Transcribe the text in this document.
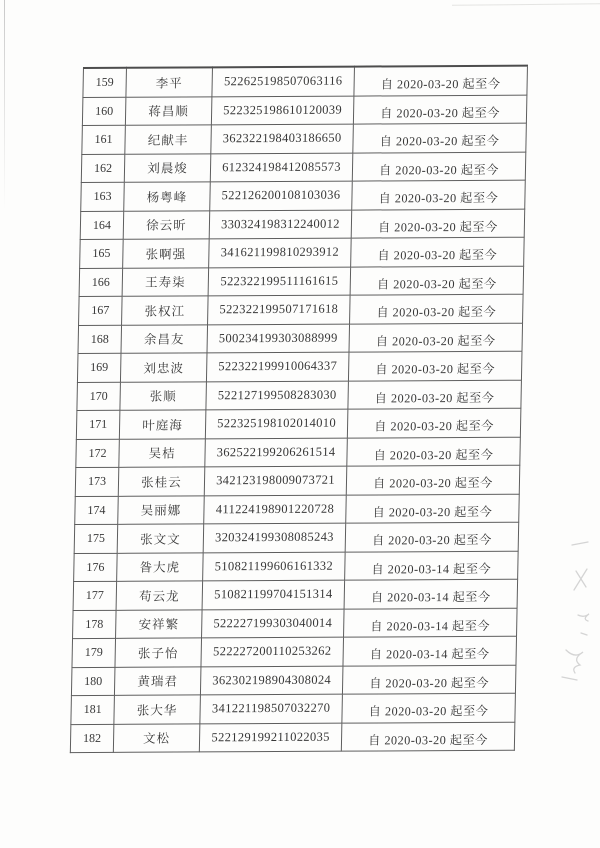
159	李平	522625198507063116	自 2020-03-20 起至今
160	蒋昌顺	522325198610120039	自 2020-03-20 起至今
161	纪献丰	362322198403186650	自 2020-03-20 起至今
162	刘晨焌	612324198412085573	自 2020-03-20 起至今
163	杨粤峰	522126200108103036	自 2020-03-20 起至今
164	徐云昕	330324198312240012	自 2020-03-20 起至今
165	张啊强	341621199810293912	自 2020-03-20 起至今
166	王寿柒	522322199511161615	自 2020-03-20 起至今
167	张权江	522322199507171618	自 2020-03-20 起至今
168	余昌友	500234199303088999	自 2020-03-20 起至今
169	刘忠波	522322199910064337	自 2020-03-20 起至今
170	张顺	522127199508283030	自 2020-03-20 起至今
171	叶庭海	522325198102014010	自 2020-03-20 起至今
172	吴桔	362522199206261514	自 2020-03-20 起至今
173	张桂云	342123198009073721	自 2020-03-20 起至今
174	吴丽娜	411224198901220728	自 2020-03-20 起至今
175	张文文	320324199308085243	自 2020-03-20 起至今
176	昝大虎	510821199606161332	自 2020-03-14 起至今
177	苟云龙	510821199704151314	自 2020-03-14 起至今
178	安祥繁	522227199303040014	自 2020-03-14 起至今
179	张子怡	522227200110253262	自 2020-03-14 起至今
180	黄瑞君	362302198904308024	自 2020-03-20 起至今
181	张大华	341221198507032270	自 2020-03-20 起至今
182	文松	522129199211022035	自 2020-03-20 起至今
